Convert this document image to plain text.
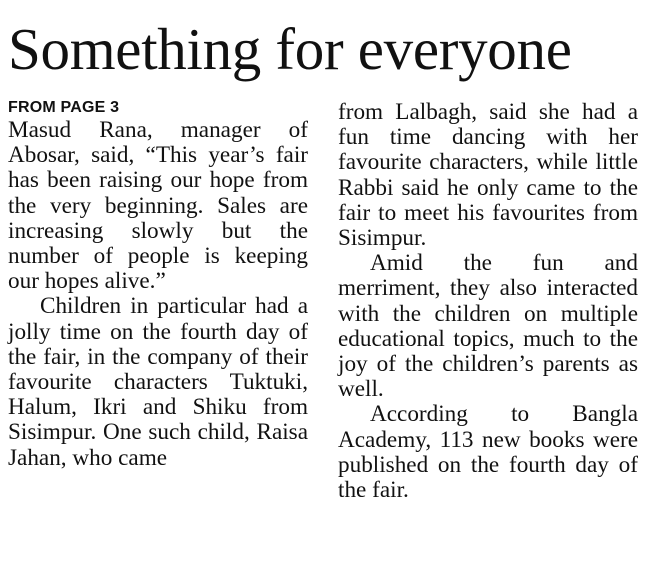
Something for everyone
FROM PAGE 3

Masud Rana, manager of Abosar, said, “This year’s fair has been raising our hope from the very beginning. Sales are increasing slowly but the number of people is keeping our hopes alive.”

Children in particular had a jolly time on the fourth day of the fair, in the company of their favourite characters Tuktuki, Halum, Ikri and Shiku from Sisimpur. One such child, Raisa Jahan, who came

from Lalbagh, said she had a fun time dancing with her favourite characters, while little Rabbi said he only came to the fair to meet his favourites from Sisimpur.

Amid the fun and merriment, they also interacted with the children on multiple educational topics, much to the joy of the children’s parents as well.

According to Bangla Academy, 113 new books were published on the fourth day of the fair.
